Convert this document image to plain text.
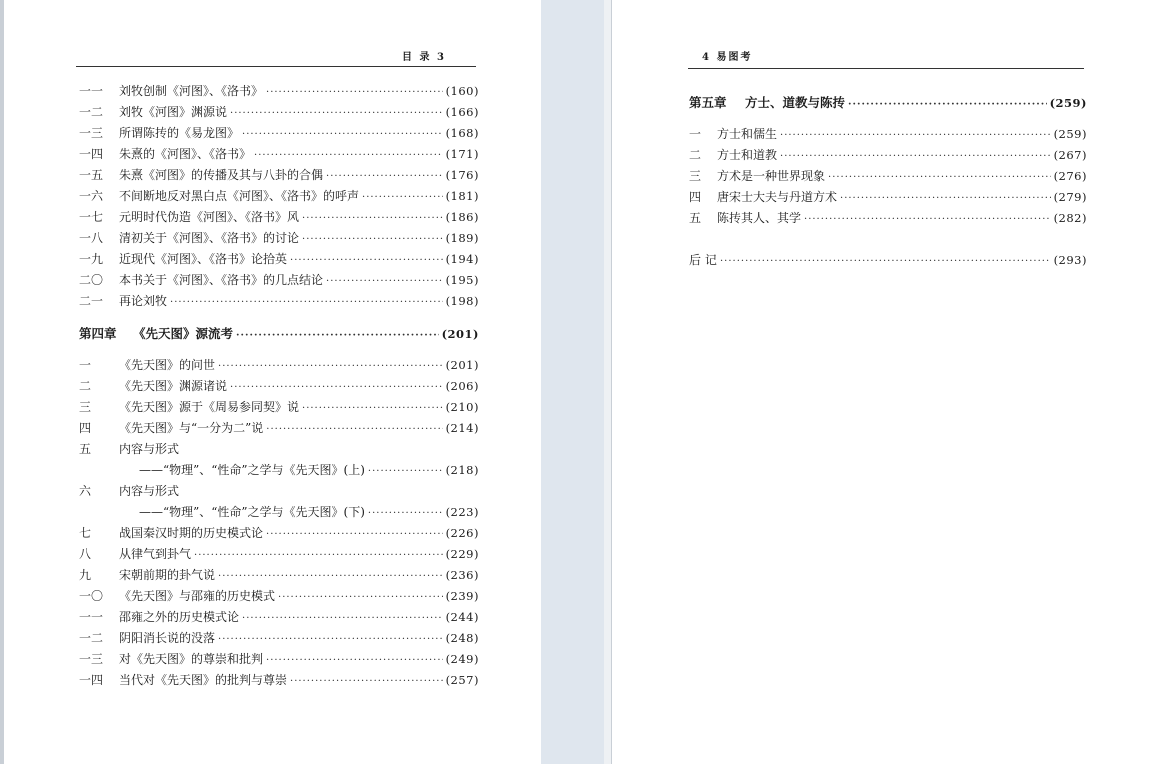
目 录 3
一一	刘牧创制《河图》、《洛书》 ·····	(160)
一二	刘牧《河图》渊源说 ·····	(166)
一三	所谓陈抟的《易龙图》 ·····	(168)
一四	朱熹的《河图》、《洛书》 ·····	(171)
一五	朱熹《河图》的传播及其与八卦的合偶 ·····	(176)
一六	不间断地反对黑白点《河图》、《洛书》的呼声 ·····	(181)
一七	元明时代伪造《河图》、《洛书》风 ·····	(186)
一八	清初关于《河图》、《洛书》的讨论 ·····	(189)
一九	近现代《河图》、《洛书》论拾英 ·····	(194)
二〇	本书关于《河图》、《洛书》的几点结论 ·····	(195)
二一	再论刘牧 ·····	(198)
第四章	《先天图》源流考 ·····	(201)
一	《先天图》的问世 ·····	(201)
二	《先天图》渊源诸说 ·····	(206)
三	《先天图》源于《周易参同契》说 ·····	(210)
四	《先天图》与“一分为二”说 ·····	(214)
五	内容与形式
——“物理”、“性命”之学与《先天图》(上) ·····	(218)
六	内容与形式
——“物理”、“性命”之学与《先天图》(下) ·····	(223)
七	战国秦汉时期的历史模式论 ·····	(226)
八	从律气到卦气 ·····	(229)
九	宋朝前期的卦气说 ·····	(236)
一〇	《先天图》与邵雍的历史模式 ·····	(239)
一一	邵雍之外的历史模式论 ·····	(244)
一二	阴阳消长说的没落 ·····	(248)
一三	对《先天图》的尊崇和批判 ·····	(249)
一四	当代对《先天图》的批判与尊崇 ·····	(257)
4 易图考
第五章	方士、道教与陈抟 ·····	(259)
一	方士和儒生 ·····	(259)
二	方士和道教 ·····	(267)
三	方术是一种世界现象 ·····	(276)
四	唐宋士大夫与丹道方术 ·····	(279)
五	陈抟其人、其学 ·····	(282)
后 记 ·····	(293)
